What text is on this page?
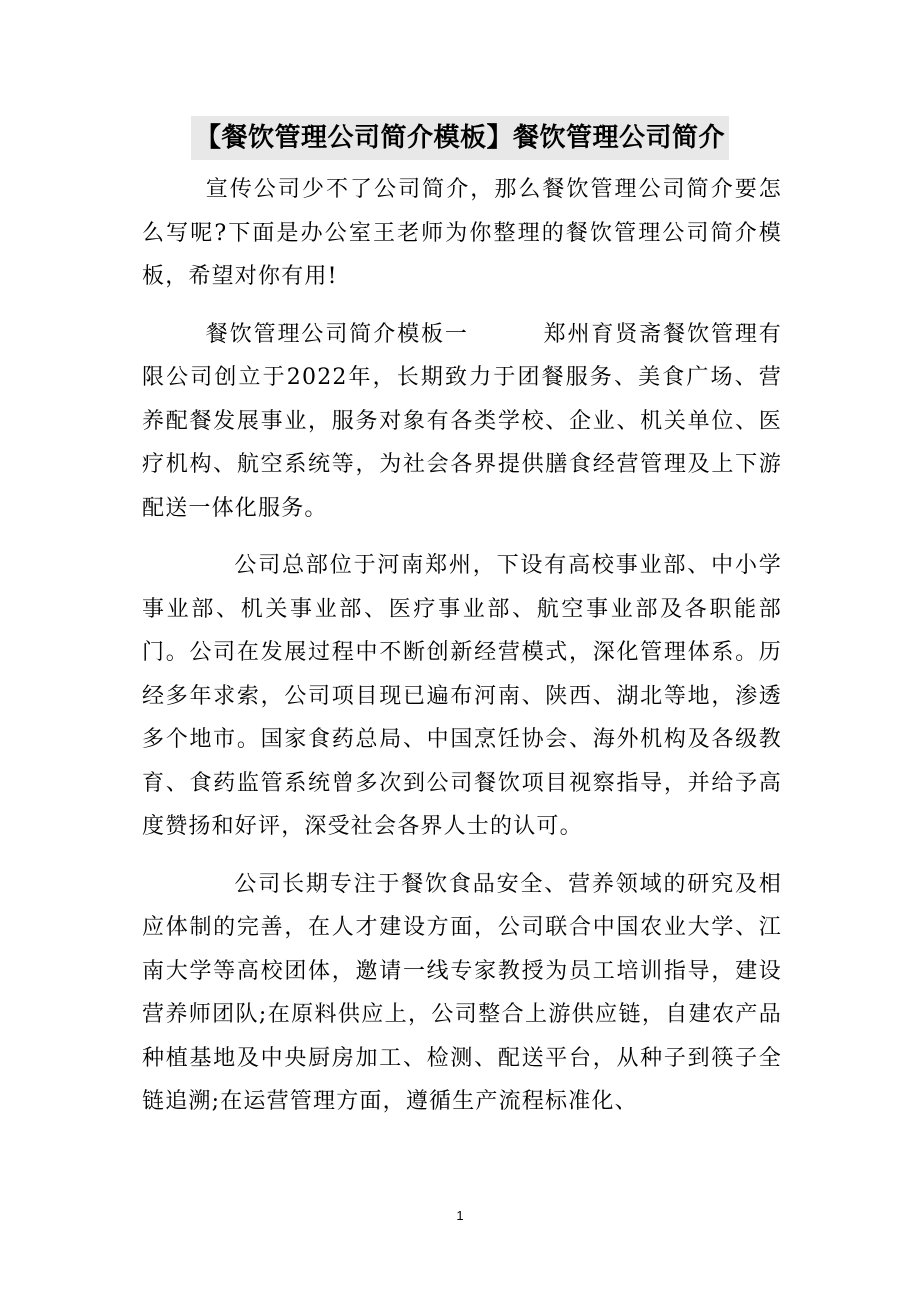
【餐饮管理公司简介模板】餐饮管理公司简介

宣传公司少不了公司简介，那么餐饮管理公司简介要怎么写呢?下面是办公室王老师为你整理的餐饮管理公司简介模板，希望对你有用!

餐饮管理公司简介模板一	郑州育贤斋餐饮管理有限公司创立于2022年，长期致力于团餐服务、美食广场、营养配餐发展事业，服务对象有各类学校、企业、机关单位、医疗机构、航空系统等，为社会各界提供膳食经营管理及上下游配送一体化服务。

公司总部位于河南郑州，下设有高校事业部、中小学事业部、机关事业部、医疗事业部、航空事业部及各职能部门。公司在发展过程中不断创新经营模式，深化管理体系。历经多年求索，公司项目现已遍布河南、陕西、湖北等地，渗透多个地市。国家食药总局、中国烹饪协会、海外机构及各级教育、食药监管系统曾多次到公司餐饮项目视察指导，并给予高度赞扬和好评，深受社会各界人士的认可。

公司长期专注于餐饮食品安全、营养领域的研究及相应体制的完善，在人才建设方面，公司联合中国农业大学、江南大学等高校团体，邀请一线专家教授为员工培训指导，建设营养师团队;在原料供应上，公司整合上游供应链，自建农产品种植基地及中央厨房加工、检测、配送平台，从种子到筷子全链追溯;在运营管理方面，遵循生产流程标准化、

1
